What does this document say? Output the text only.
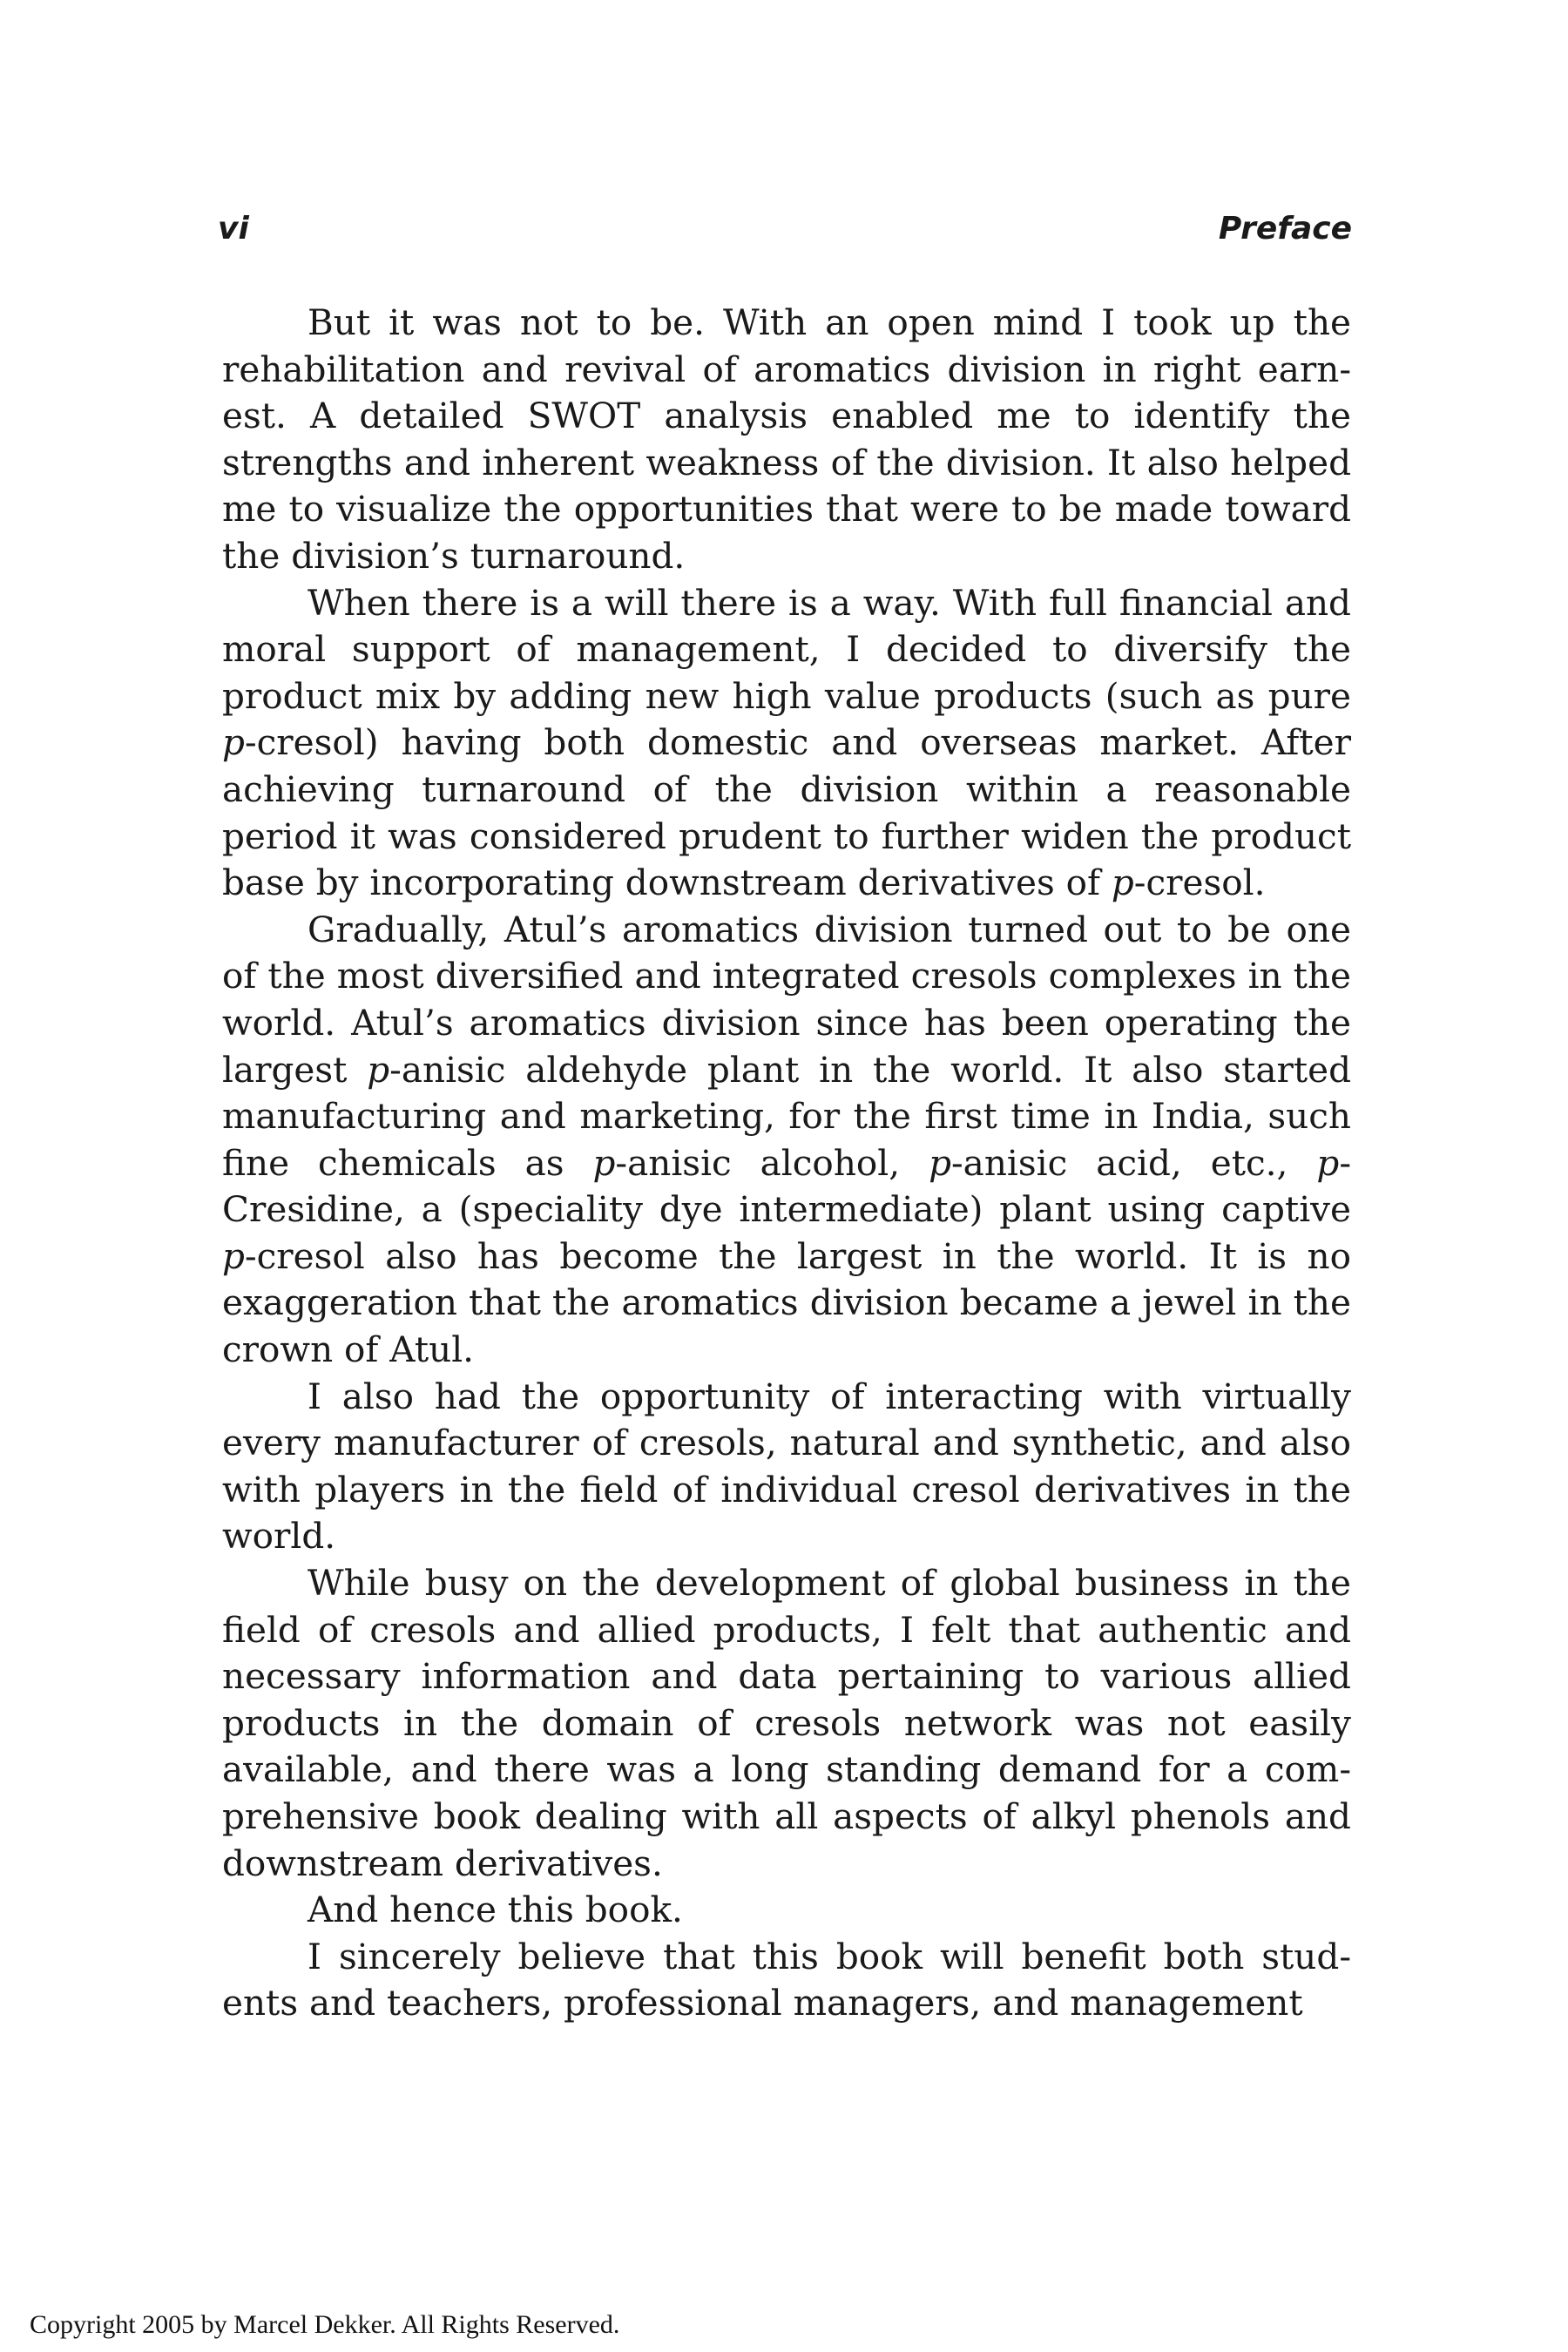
vi	Preface

But it was not to be. With an open mind I took up the rehabilitation and revival of aromatics division in right earnest. A detailed SWOT analysis enabled me to identify the strengths and inherent weakness of the division. It also helped me to visualize the opportunities that were to be made toward the division’s turnaround.

When there is a will there is a way. With full financial and moral support of management, I decided to diversify the product mix by adding new high value products (such as pure p-cresol) having both domestic and overseas market. After achieving turnaround of the division within a reasonable period it was considered prudent to further widen the product base by incorporating downstream derivatives of p-cresol.

Gradually, Atul’s aromatics division turned out to be one of the most diversified and integrated cresols complexes in the world. Atul’s aromatics division since has been operating the largest p-anisic aldehyde plant in the world. It also started manufacturing and marketing, for the first time in India, such fine chemicals as p-anisic alcohol, p-anisic acid, etc., p-Cresidine, a (speciality dye intermediate) plant using captive p-cresol also has become the largest in the world. It is no exaggeration that the aromatics division became a jewel in the crown of Atul.

I also had the opportunity of interacting with virtually every manufacturer of cresols, natural and synthetic, and also with players in the field of individual cresol derivatives in the world.

While busy on the development of global business in the field of cresols and allied products, I felt that authentic and necessary information and data pertaining to various allied products in the domain of cresols network was not easily available, and there was a long standing demand for a comprehensive book dealing with all aspects of alkyl phenols and downstream derivatives.

And hence this book.

I sincerely believe that this book will benefit both students and teachers, professional managers, and management

Copyright 2005 by Marcel Dekker. All Rights Reserved.
